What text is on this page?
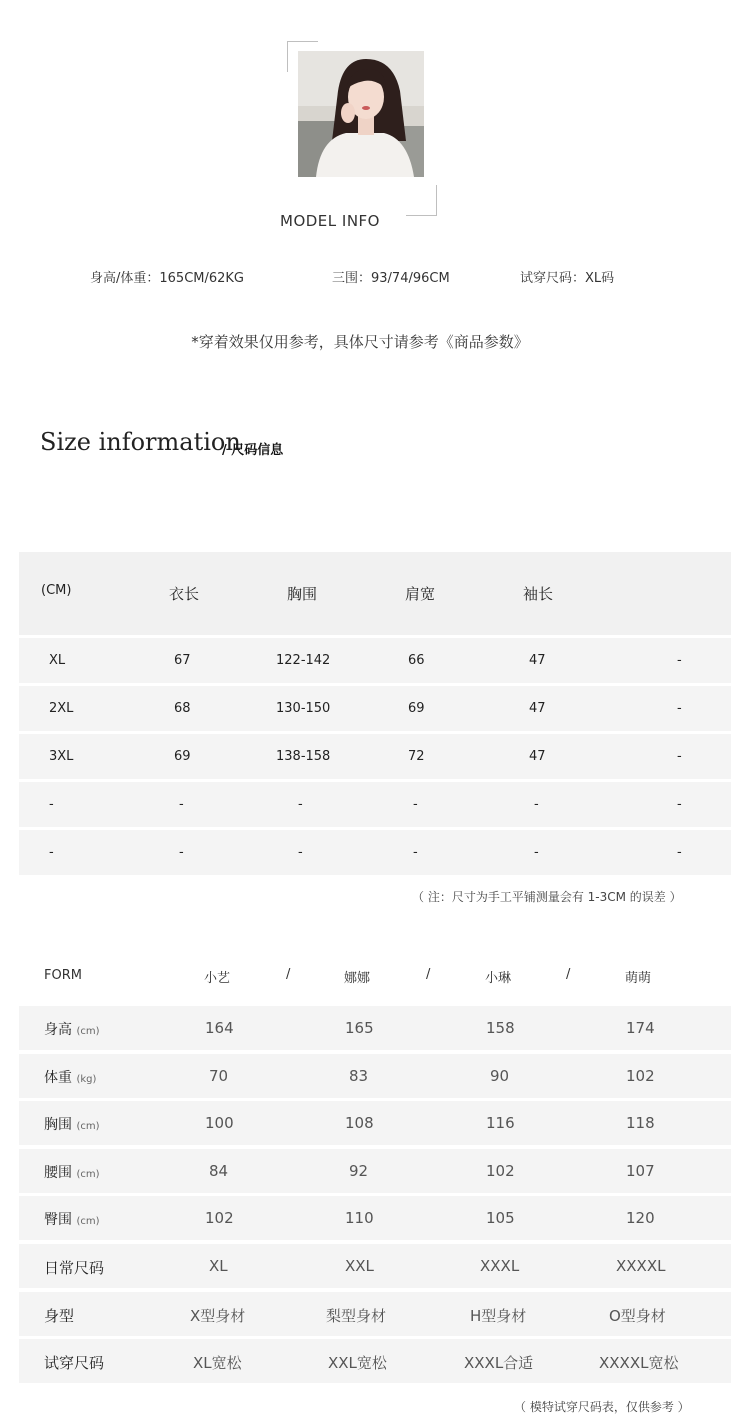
MODEL INFO
身高/体重：165CM/62KG	三围：93/74/96CM	试穿尺码：XL码
*穿着效果仅用参考，具体尺寸请参考《商品参数》
Size information
/ 尺码信息
(CM)	衣长	胸围	肩宽	袖长
XL	67	122-142	66	47	-
2XL	68	130-150	69	47	-
3XL	69	138-158	72	47	-
-	-	-	-	-	-
-	-	-	-	-	-
（ 注：尺寸为手工平铺测量会有 1-3CM 的误差 ）
FORM	小艺	/	娜娜	/	小琳	/	萌萌
身高 (cm)	164	165	158	174
体重 (kg)	70	83	90	102
胸围 (cm)	100	108	116	118
腰围 (cm)	84	92	102	107
臀围 (cm)	102	110	105	120
日常尺码	XL	XXL	XXXL	XXXXL
身型	X型身材	梨型身材	H型身材	O型身材
试穿尺码	XL宽松	XXL宽松	XXXL合适	XXXXL宽松
（ 模特试穿尺码表，仅供参考 ）
